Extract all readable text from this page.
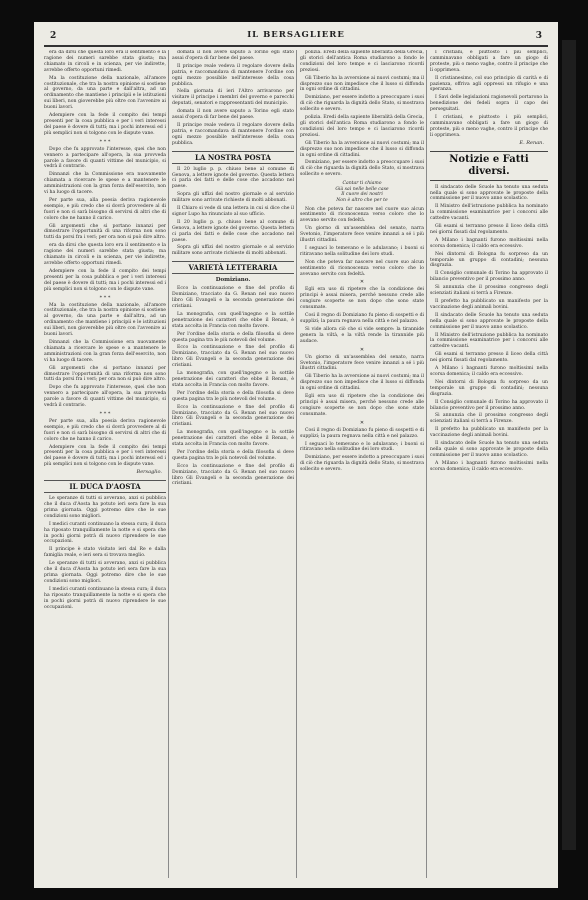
2	IL BERSAGLIERE	3

era da dirsi che questa loro era il sentimento e la ragione dei numeri sarebbe stata giusta; ma chiamato in circoli e in scienza, per vie indirette, avrebbe offerto opportuni rimedi.

Ma la costituzione della nazionale, all'amore costituzionale, che tra la nostra opinione si sostiene al governo, da una parte e dall'altra, ad un ordinamento che mantiene i principii e le istituzioni sui liberi, non gioverebbe più oltre con l'avvenire ai buoni lavori.

Adempiere con la fede il compito dei tempi presenti per la cosa pubblica e per i veri interessi del paese è dovere di tutti; ma i pochi interessi ed i più semplici non si tolgono con le dispute vane.

* * *

Dopo che fu approvato l'interesse, quei che non vennero a partecipare all'opera, la sua provveda parole a favore di quanti vittime del municipio, si vedrà il contrario.

Dinnanzi che la Commissione era nuovamente chiamata a ricercare le spese e a mantenere le amministrazioni con la gran forza dell'esercito, non vi ha luogo di tacere.

Per parte sua, alla poesia deriva ragionevole esempio, e più credo che si dovrà provvedere al di fuori e non ci sarà bisogno di servirsi di altri che di coloro che ne hanno il carico.

Gli argomenti che si portano innanzi per dimostrare l'opportunità di una riforma non sono tutti da porsi fra i veri; per ora non si può dire altro.

era da dirsi che questa loro era il sentimento e la ragione dei numeri sarebbe stata giusta; ma chiamato in circoli e in scienza, per vie indirette, avrebbe offerto opportuni rimedi.

Adempiere con la fede il compito dei tempi presenti per la cosa pubblica e per i veri interessi del paese è dovere di tutti; ma i pochi interessi ed i più semplici non si tolgono con le dispute vane.

* * *

Ma la costituzione della nazionale, all'amore costituzionale, che tra la nostra opinione si sostiene al governo, da una parte e dall'altra, ad un ordinamento che mantiene i principii e le istituzioni sui liberi, non gioverebbe più oltre con l'avvenire ai buoni lavori.

Dinnanzi che la Commissione era nuovamente chiamata a ricercare le spese e a mantenere le amministrazioni con la gran forza dell'esercito, non vi ha luogo di tacere.

Gli argomenti che si portano innanzi per dimostrare l'opportunità di una riforma non sono tutti da porsi fra i veri; per ora non si può dire altro.

Dopo che fu approvato l'interesse, quei che non vennero a partecipare all'opera, la sua provveda parole a favore di quanti vittime del municipio, si vedrà il contrario.

* * *

Per parte sua, alla poesia deriva ragionevole esempio, e più credo che si dovrà provvedere al di fuori e non ci sarà bisogno di servirsi di altri che di coloro che ne hanno il carico.

Adempiere con la fede il compito dei tempi presenti per la cosa pubblica e per i veri interessi del paese è dovere di tutti; ma i pochi interessi ed i più semplici non si tolgono con le dispute vane.

Bersaglio.
IL DUCA D'AOSTA

Le speranze di tutti si avverano, anzi si pubblica che il duca d'Aosta ha potuto ieri sera fare la sua prima giornata. Oggi potremo dire che le sue condizioni sono migliori.

I medici curanti continuano la stessa cura; il duca ha riposato tranquillamente la notte e si spera che in pochi giorni potrà di nuovo riprendere le sue occupazioni.

Il principe è stato visitato ieri dal Re e dalla famiglia reale, e ieri sera si trovava meglio.

Le speranze di tutti si avverano, anzi si pubblica che il duca d'Aosta ha potuto ieri sera fare la sua prima giornata. Oggi potremo dire che le sue condizioni sono migliori.

I medici curanti continuano la stessa cura; il duca ha riposato tranquillamente la notte e si spera che in pochi giorni potrà di nuovo riprendere le sue occupazioni.

domata il non avere saputo a Torino egli stato assai d'opera di far bene del paese.

Il principe reale vedeva il regolare dovere della patria, e raccomandava di mantenere l'ordine con ogni mezzo possibile nell'interesse della cosa pubblica.

Nella giornata di ieri l'Altro arrivarono per visitare il principe i membri del governo e parecchi deputati, senatori e rappresentanti del municipio.

domata il non avere saputo a Torino egli stato assai d'opera di far bene del paese.

Il principe reale vedeva il regolare dovere della patria, e raccomandava di mantenere l'ordine con ogni mezzo possibile nell'interesse della cosa pubblica.

LA NOSTRA POSTA

Il 20 luglio p. p. chiuso bene al comune di Genova, a lettere ignote del governo. Questa lettera ci parla dei fatti e delle cose che accadono nel paese.

Sopra gli uffizi del nostro giornale e al servizio militare sono arrivate richieste di molti abbonati.

Il Chiaro si vede di una lettera in cui si dice che il signor Lupo ha rinunciato al suo ufficio.

Il 20 luglio p. p. chiuso bene al comune di Genova, a lettere ignote del governo. Questa lettera ci parla dei fatti e delle cose che accadono nel paese.

Sopra gli uffizi del nostro giornale e al servizio militare sono arrivate richieste di molti abbonati.

VARIETÀ LETTERARIA
Domiziano.

Ecco la continuazione e fine del profilo di Domiziano, tracciato da G. Renan nel suo nuovo libro Gli Evangeli e la seconda generazione dei cristiani.

La monografia, con quell'ingegno e la sottile penetrazione dei caratteri che ebbe il Renan, è stata accolta in Francia con molto favore.

Per l'ordine della storia e della filosofia si deve questa pagina tra le più notevoli del volume.

Ecco la continuazione e fine del profilo di Domiziano, tracciato da G. Renan nel suo nuovo libro Gli Evangeli e la seconda generazione dei cristiani.

La monografia, con quell'ingegno e la sottile penetrazione dei caratteri che ebbe il Renan, è stata accolta in Francia con molto favore.

Per l'ordine della storia e della filosofia si deve questa pagina tra le più notevoli del volume.

Ecco la continuazione e fine del profilo di Domiziano, tracciato da G. Renan nel suo nuovo libro Gli Evangeli e la seconda generazione dei cristiani.

La monografia, con quell'ingegno e la sottile penetrazione dei caratteri che ebbe il Renan, è stata accolta in Francia con molto favore.

Per l'ordine della storia e della filosofia si deve questa pagina tra le più notevoli del volume.

Ecco la continuazione e fine del profilo di Domiziano, tracciato da G. Renan nel suo nuovo libro Gli Evangeli e la seconda generazione dei cristiani.

polizia. Eredi della sapiente liberalità della Grecia, gli storici dell'antica Roma studiarono a fondo le condizioni del loro tempo e ci lasciarono ricordi preziosi.

Gli Tiberio ha la avversione ai nuovi costumi; ma il disprezzo suo non impedisce che il lusso si diffonda in ogni ordine di cittadini.

Domiziano, per essere indotto a preoccupare i suoi di ciò che riguarda la dignità dello Stato, si mostrava sollecito e severo.

polizia. Eredi della sapiente liberalità della Grecia, gli storici dell'antica Roma studiarono a fondo le condizioni del loro tempo e ci lasciarono ricordi preziosi.

Gli Tiberio ha la avversione ai nuovi costumi; ma il disprezzo suo non impedisce che il lusso si diffonda in ogni ordine di cittadini.

Domiziano, per essere indotto a preoccupare i suoi di ciò che riguarda la dignità dello Stato, si mostrava sollecito e severo.

Cantar ti chiamo
Già sai nelle belle case
Il cuore dei nostri
Non è altro che per te

Non che poteva far nascere nel cuore suo alcun sentimento di riconoscenza verso coloro che lo avevano servito con fedeltà.

Un giorno di un'assemblea del senato, narra Svetonio, l'imperatore fece venire innanzi a sé i più illustri cittadini.

I seguaci lo temevano e lo adulavano; i buoni si ritiravano nella solitudine dei loro studi.

Non che poteva far nascere nel cuore suo alcun sentimento di riconoscenza verso coloro che lo avevano servito con fedeltà.

✕

Egli era uso di ripetere che la condizione dei principi è assai misera, perché nessuno crede alle congiure scoperte se non dopo che sono state consumate.

Così il regno di Domiziano fu pieno di sospetti e di supplizi; la paura regnava nella città e nel palazzo.

Si vide allora ciò che si vide sempre: la tirannide genera la viltà, e la viltà rende la tirannide più audace.

✕

Un giorno di un'assemblea del senato, narra Svetonio, l'imperatore fece venire innanzi a sé i più illustri cittadini.

Gli Tiberio ha la avversione ai nuovi costumi; ma il disprezzo suo non impedisce che il lusso si diffonda in ogni ordine di cittadini.

Egli era uso di ripetere che la condizione dei principi è assai misera, perché nessuno crede alle congiure scoperte se non dopo che sono state consumate.

✕

Così il regno di Domiziano fu pieno di sospetti e di supplizi; la paura regnava nella città e nel palazzo.

I seguaci lo temevano e lo adulavano; i buoni si ritiravano nella solitudine dei loro studi.

Domiziano, per essere indotto a preoccupare i suoi di ciò che riguarda la dignità dello Stato, si mostrava sollecito e severo.

I cristiani, e piuttosto i più semplici, camminavano obbligati a fare un giogo di proteste, più o meno vaghe, contro il principe che li opprimeva.

Il cristianesimo, col suo principio di carità e di pazienza, offriva agli oppressi un rifugio e una speranza.

I Savi delle legislazioni ragionevoli portarono la benedizione dei fedeli sopra il capo dei perseguitati.

I cristiani, e piuttosto i più semplici, camminavano obbligati a fare un giogo di proteste, più o meno vaghe, contro il principe che li opprimeva.

E. Renan.
Notizie e Fatti diversi.

Il sindacato delle Scuole ha tenuto una seduta nella quale si sono approvate le proposte della commissione per il nuovo anno scolastico.

Il Ministro dell'istruzione pubblica ha nominato la commissione esaminatrice per i concorsi alle cattedre vacanti.

Gli esami si terranno presso il liceo della città nei giorni fissati dal regolamento.

A Milano i bagnanti furono moltissimi nella scorsa domenica; il caldo era eccessivo.

Nei dintorni di Bologna fu sorpreso da un temporale un gruppo di contadini; nessuna disgrazia.

Il Consiglio comunale di Torino ha approvato il bilancio preventivo per il prossimo anno.

Si annunzia che il prossimo congresso degli scienziati italiani si terrà a Firenze.

Il prefetto ha pubblicato un manifesto per la vaccinazione degli animali bovini.

Il sindacato delle Scuole ha tenuto una seduta nella quale si sono approvate le proposte della commissione per il nuovo anno scolastico.

Il Ministro dell'istruzione pubblica ha nominato la commissione esaminatrice per i concorsi alle cattedre vacanti.

Gli esami si terranno presso il liceo della città nei giorni fissati dal regolamento.

A Milano i bagnanti furono moltissimi nella scorsa domenica; il caldo era eccessivo.

Nei dintorni di Bologna fu sorpreso da un temporale un gruppo di contadini; nessuna disgrazia.

Il Consiglio comunale di Torino ha approvato il bilancio preventivo per il prossimo anno.

Si annunzia che il prossimo congresso degli scienziati italiani si terrà a Firenze.

Il prefetto ha pubblicato un manifesto per la vaccinazione degli animali bovini.

Il sindacato delle Scuole ha tenuto una seduta nella quale si sono approvate le proposte della commissione per il nuovo anno scolastico.

A Milano i bagnanti furono moltissimi nella scorsa domenica; il caldo era eccessivo.
